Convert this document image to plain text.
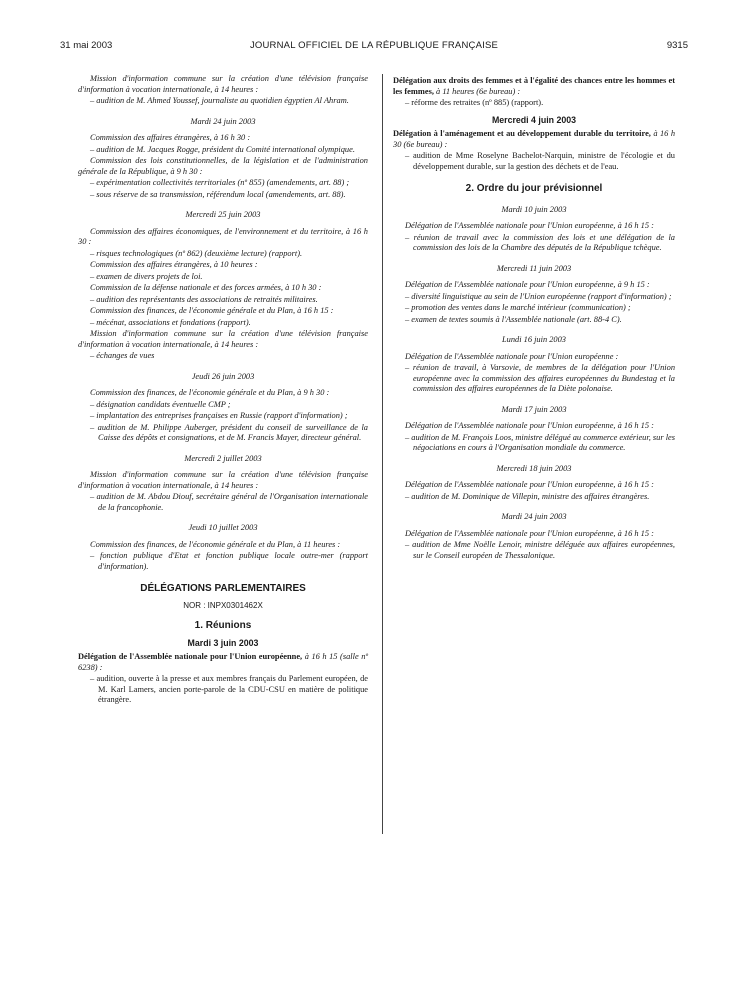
31 mai 2003	JOURNAL OFFICIEL DE LA RÉPUBLIQUE FRANÇAISE	9315

Mission d'information commune sur la création d'une télévision française d'information à vocation internationale, à 14 heures :

– audition de M. Ahmed Youssef, journaliste au quotidien égyptien Al Ahram.

Mardi 24 juin 2003

Commission des affaires étrangères, à 16 h 30 :

– audition de M. Jacques Rogge, président du Comité international olympique.

Commission des lois constitutionnelles, de la législation et de l'administration générale de la République, à 9 h 30 :

– expérimentation collectivités territoriales (nº 855) (amendements, art. 88) ;

– sous réserve de sa transmission, référendum local (amendements, art. 88).

Mercredi 25 juin 2003

Commission des affaires économiques, de l'environnement et du territoire, à 16 h 30 :

– risques technologiques (nº 862) (deuxième lecture) (rapport).

Commission des affaires étrangères, à 10 heures :

– examen de divers projets de loi.

Commission de la défense nationale et des forces armées, à 10 h 30 :

– audition des représentants des associations de retraités militaires.

Commission des finances, de l'économie générale et du Plan, à 16 h 15 :

– mécénat, associations et fondations (rapport).

Mission d'information commune sur la création d'une télévision française d'information à vocation internationale, à 14 heures :

– échanges de vues

Jeudi 26 juin 2003

Commission des finances, de l'économie générale et du Plan, à 9 h 30 :

– désignation candidats éventuelle CMP ;

– implantation des entreprises françaises en Russie (rapport d'information) ;

– audition de M. Philippe Auberger, président du conseil de surveillance de la Caisse des dépôts et consignations, et de M. Francis Mayer, directeur général.

Mercredi 2 juillet 2003

Mission d'information commune sur la création d'une télévision française d'information à vocation internationale, à 14 heures :

– audition de M. Abdou Diouf, secrétaire général de l'Organisation internationale de la francophonie.

Jeudi 10 juillet 2003

Commission des finances, de l'économie générale et du Plan, à 11 heures :

– fonction publique d'Etat et fonction publique locale outre-mer (rapport d'information).

DÉLÉGATIONS PARLEMENTAIRES
NOR : INPX0301462X
1. Réunions
Mardi 3 juin 2003

Délégation de l'Assemblée nationale pour l'Union européenne, à 16 h 15 (salle nº 6238) :

– audition, ouverte à la presse et aux membres français du Parlement européen, de M. Karl Lamers, ancien porte-parole de la CDU-CSU en matière de politique étrangère.

Délégation aux droits des femmes et à l'égalité des chances entre les hommes et les femmes, à 11 heures (6e bureau) :

– réforme des retraites (nº 885) (rapport).

Mercredi 4 juin 2003

Délégation à l'aménagement et au développement durable du territoire, à 16 h 30 (6e bureau) :

– audition de Mme Roselyne Bachelot-Narquin, ministre de l'écologie et du développement durable, sur la gestion des déchets et de l'eau.

2. Ordre du jour prévisionnel
Mardi 10 juin 2003

Délégation de l'Assemblée nationale pour l'Union européenne, à 16 h 15 :

– réunion de travail avec la commission des lois et une délégation de la commission des lois de la Chambre des députés de la République tchèque.

Mercredi 11 juin 2003

Délégation de l'Assemblée nationale pour l'Union européenne, à 9 h 15 :

– diversité linguistique au sein de l'Union européenne (rapport d'information) ;

– promotion des ventes dans le marché intérieur (communication) ;

– examen de textes soumis à l'Assemblée nationale (art. 88-4 C).

Lundi 16 juin 2003

Délégation de l'Assemblée nationale pour l'Union européenne :

– réunion de travail, à Varsovie, de membres de la délégation pour l'Union européenne avec la commission des affaires européennes du Bundestag et la commission des affaires européennes de la Diète polonaise.

Mardi 17 juin 2003

Délégation de l'Assemblée nationale pour l'Union européenne, à 16 h 15 :

– audition de M. François Loos, ministre délégué au commerce extérieur, sur les négociations en cours à l'Organisation mondiale du commerce.

Mercredi 18 juin 2003

Délégation de l'Assemblée nationale pour l'Union européenne, à 16 h 15 :

– audition de M. Dominique de Villepin, ministre des affaires étrangères.

Mardi 24 juin 2003

Délégation de l'Assemblée nationale pour l'Union européenne, à 16 h 15 :

– audition de Mme Noëlle Lenoir, ministre déléguée aux affaires européennes, sur le Conseil européen de Thessalonique.
